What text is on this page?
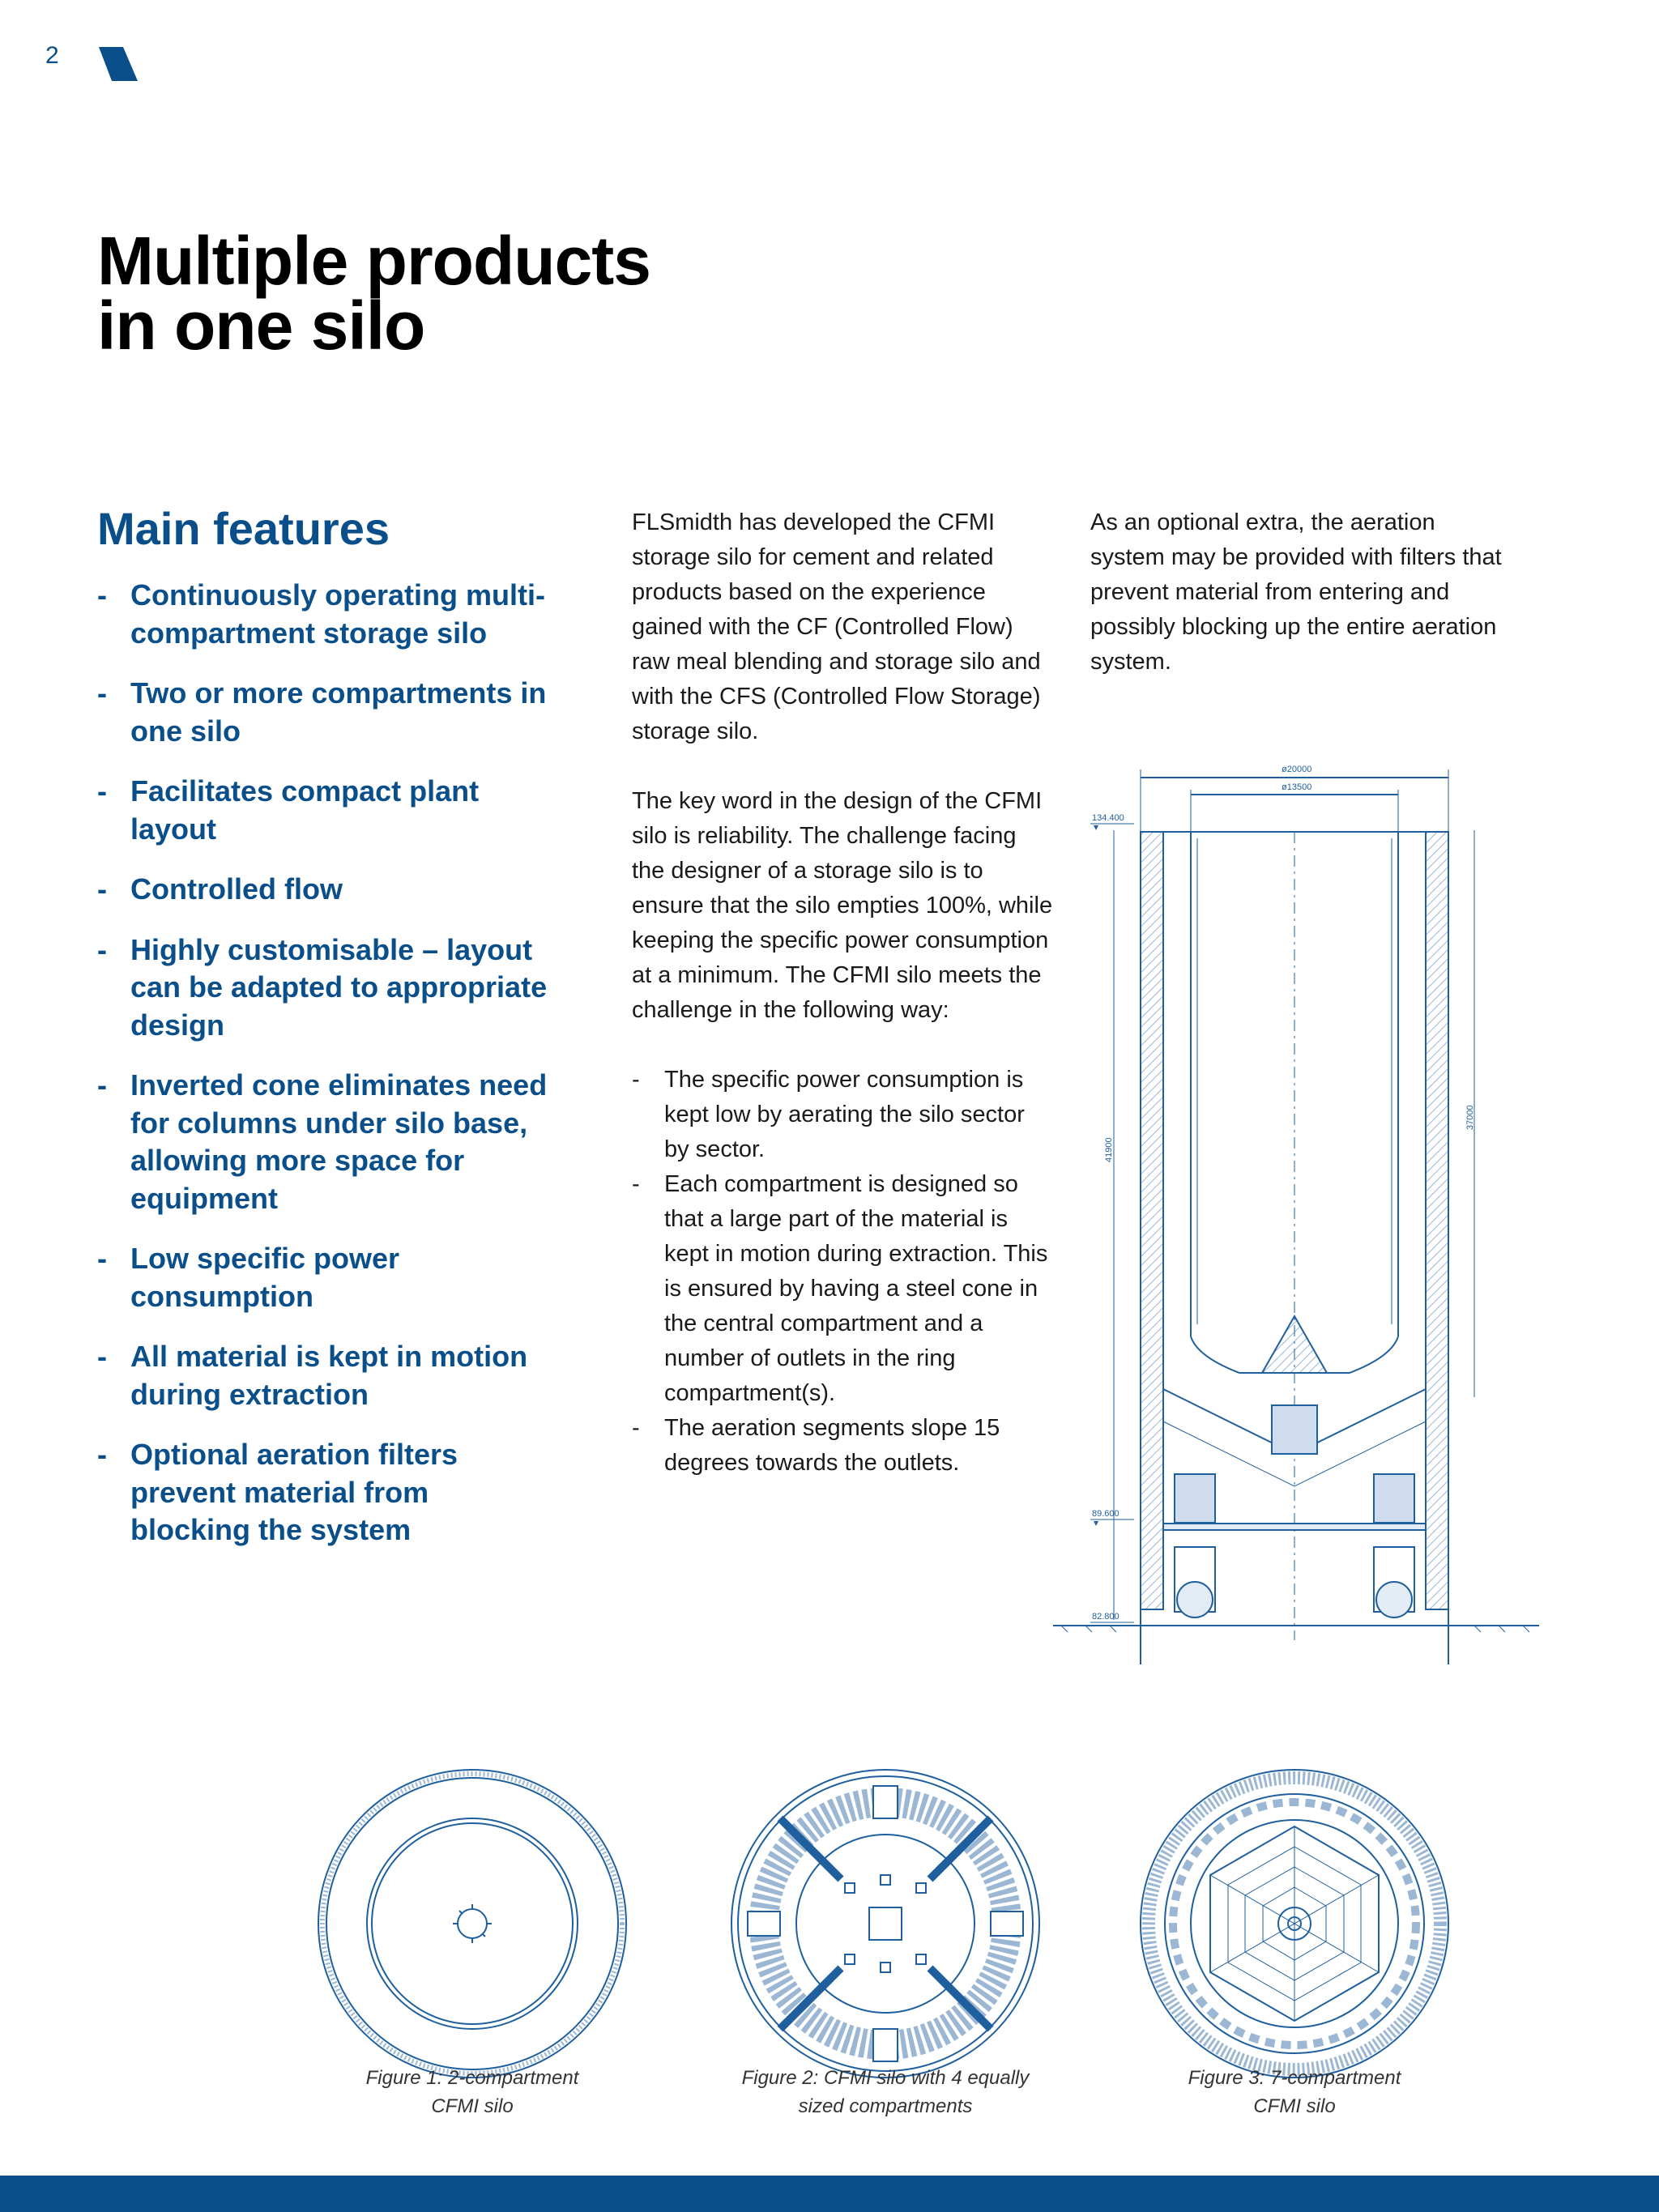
2
Multiple products
in one silo
Main features
- Continuously operating multi-compartment storage silo
- Two or more compartments in one silo
- Facilitates compact plant layout
- Controlled flow
- Highly customisable – layout can be adapted to appropriate design
- Inverted cone eliminates need for columns under silo base, allowing more space for equipment
- Low specific power consumption
- All material is kept in motion during extraction
- Optional aeration filters prevent material from blocking the system

FLSmidth has developed the CFMI storage silo for cement and related products based on the experience gained with the CF (Controlled Flow) raw meal blending and storage silo and with the CFS (Controlled Flow Storage) storage silo.

The key word in the design of the CFMI silo is reliability. The challenge facing the designer of a storage silo is to ensure that the silo empties 100%, while keeping the specific power consumption at a minimum. The CFMI silo meets the challenge in the following way:

- The specific power consumption is kept low by aerating the silo sector by sector.
- Each compartment is designed so that a large part of the material is kept in motion during extraction. This is ensured by having a steel cone in the central compartment and a number of outlets in the ring compartment(s).
- The aeration segments slope 15 degrees towards the outlets.

As an optional extra, the aeration system may be provided with filters that prevent material from entering and possibly blocking up the entire aeration system.

ø20000
ø13500
134.400
89.600
82.800
41900
37000
Figure 1: 2-compartment
CFMI silo
Figure 2: CFMI silo with 4 equally
sized compartments
Figure 3: 7-compartment
CFMI silo
